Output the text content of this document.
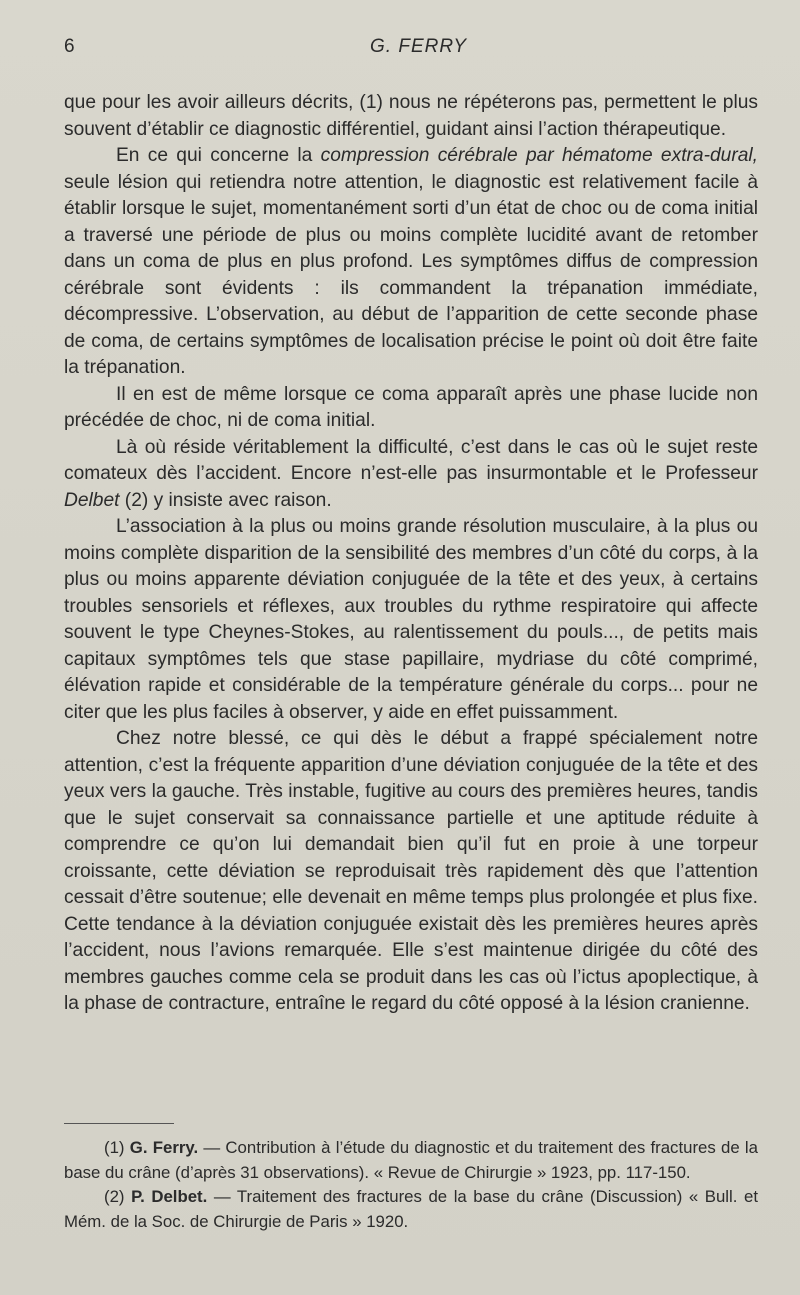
6	G. FERRY

que pour les avoir ailleurs décrits, (1) nous ne répéterons pas, permettent le plus souvent d’établir ce diagnostic différentiel, guidant ainsi l’action thérapeutique.

En ce qui concerne la compression cérébrale par hématome extra-dural, seule lésion qui retiendra notre attention, le diagnostic est relativement facile à établir lorsque le sujet, momentanément sorti d’un état de choc ou de coma initial a traversé une période de plus ou moins complète lucidité avant de retomber dans un coma de plus en plus profond. Les symptômes diffus de compression cérébrale sont évidents : ils commandent la trépanation immédiate, décompressive. L’observation, au début de l’apparition de cette seconde phase de coma, de certains symptômes de localisation précise le point où doit être faite la trépanation.

Il en est de même lorsque ce coma apparaît après une phase lucide non précédée de choc, ni de coma initial.

Là où réside véritablement la difficulté, c’est dans le cas où le sujet reste comateux dès l’accident. Encore n’est-elle pas insurmontable et le Professeur Delbet (2) y insiste avec raison.

L’association à la plus ou moins grande résolution musculaire, à la plus ou moins complète disparition de la sensibilité des membres d’un côté du corps, à la plus ou moins apparente déviation conjuguée de la tête et des yeux, à certains troubles sensoriels et réflexes, aux troubles du rythme respiratoire qui affecte souvent le type Cheynes-Stokes, au ralentissement du pouls..., de petits mais capitaux symptômes tels que stase papillaire, mydriase du côté comprimé, élévation rapide et considérable de la température générale du corps... pour ne citer que les plus faciles à observer, y aide en effet puissamment.

Chez notre blessé, ce qui dès le début a frappé spécialement notre attention, c’est la fréquente apparition d’une déviation conjuguée de la tête et des yeux vers la gauche. Très instable, fugitive au cours des premières heures, tandis que le sujet conservait sa connaissance partielle et une aptitude réduite à comprendre ce qu’on lui demandait bien qu’il fut en proie à une torpeur croissante, cette déviation se reproduisait très rapidement dès que l’attention cessait d’être soutenue; elle devenait en même temps plus prolongée et plus fixe. Cette tendance à la déviation conjuguée existait dès les premières heures après l’accident, nous l’avions remarquée. Elle s’est maintenue dirigée du côté des membres gauches comme cela se produit dans les cas où l’ictus apoplectique, à la phase de contracture, entraîne le regard du côté opposé à la lésion cranienne.

(1) G. Ferry. — Contribution à l’étude du diagnostic et du traitement des fractures de la base du crâne (d’après 31 observations). « Revue de Chirurgie » 1923, pp. 117-150.

(2) P. Delbet. — Traitement des fractures de la base du crâne (Discussion) « Bull. et Mém. de la Soc. de Chirurgie de Paris » 1920.
